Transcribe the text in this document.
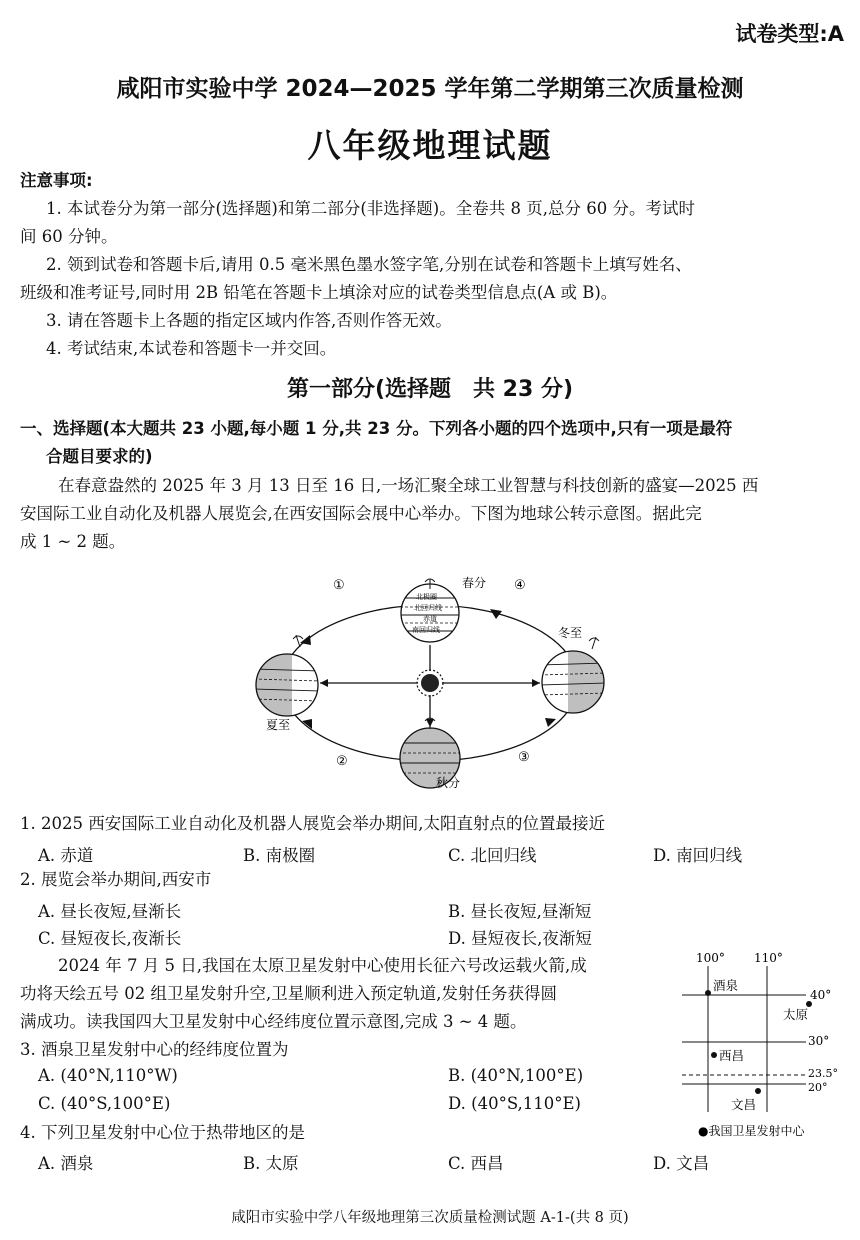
试卷类型:A
咸阳市实验中学 2024—2025 学年第二学期第三次质量检测
八年级地理试题
注意事项:
1. 本试卷分为第一部分(选择题)和第二部分(非选择题)。全卷共 8 页,总分 60 分。考试时
间 60 分钟。
2. 领到试卷和答题卡后,请用 0.5 毫米黑色墨水签字笔,分别在试卷和答题卡上填写姓名、
班级和准考证号,同时用 2B 铅笔在答题卡上填涂对应的试卷类型信息点(A 或 B)。
3. 请在答题卡上各题的指定区域内作答,否则作答无效。
4. 考试结束,本试卷和答题卡一并交回。
第一部分(选择题　共 23 分)
一、选择题(本大题共 23 小题,每小题 1 分,共 23 分。下列各小题的四个选项中,只有一项是最符
合题目要求的)
在春意盎然的 2025 年 3 月 13 日至 16 日,一场汇聚全球工业智慧与科技创新的盛宴—2025 西
安国际工业自动化及机器人展览会,在西安国际会展中心举办。下图为地球公转示意图。据此完
成 1 ~ 2 题。
北极圈
北回归线
赤道
南回归线
春分
夏至
冬至
秋分
①
②	③
④
1. 2025 西安国际工业自动化及机器人展览会举办期间,太阳直射点的位置最接近
A. 赤道	B. 南极圈	C. 北回归线	D. 南回归线
2. 展览会举办期间,西安市
A. 昼长夜短,昼渐长	B. 昼长夜短,昼渐短
C. 昼短夜长,夜渐长	D. 昼短夜长,夜渐短
2024 年 7 月 5 日,我国在太原卫星发射中心使用长征六号改运载火箭,成
功将天绘五号 02 组卫星发射升空,卫星顺利进入预定轨道,发射任务获得圆
满成功。读我国四大卫星发射中心经纬度位置示意图,完成 3 ~ 4 题。
3. 酒泉卫星发射中心的经纬度位置为
A. (40°N,110°W)	B. (40°N,100°E)
C. (40°S,100°E)	D. (40°S,110°E)
4. 下列卫星发射中心位于热带地区的是
A. 酒泉	B. 太原	C. 西昌	D. 文昌
100° 110°
40°
30°
23.5°
20°
酒泉
太原
西昌
文昌
●我国卫星发射中心
咸阳市实验中学八年级地理第三次质量检测试题 A-1-(共 8 页)
